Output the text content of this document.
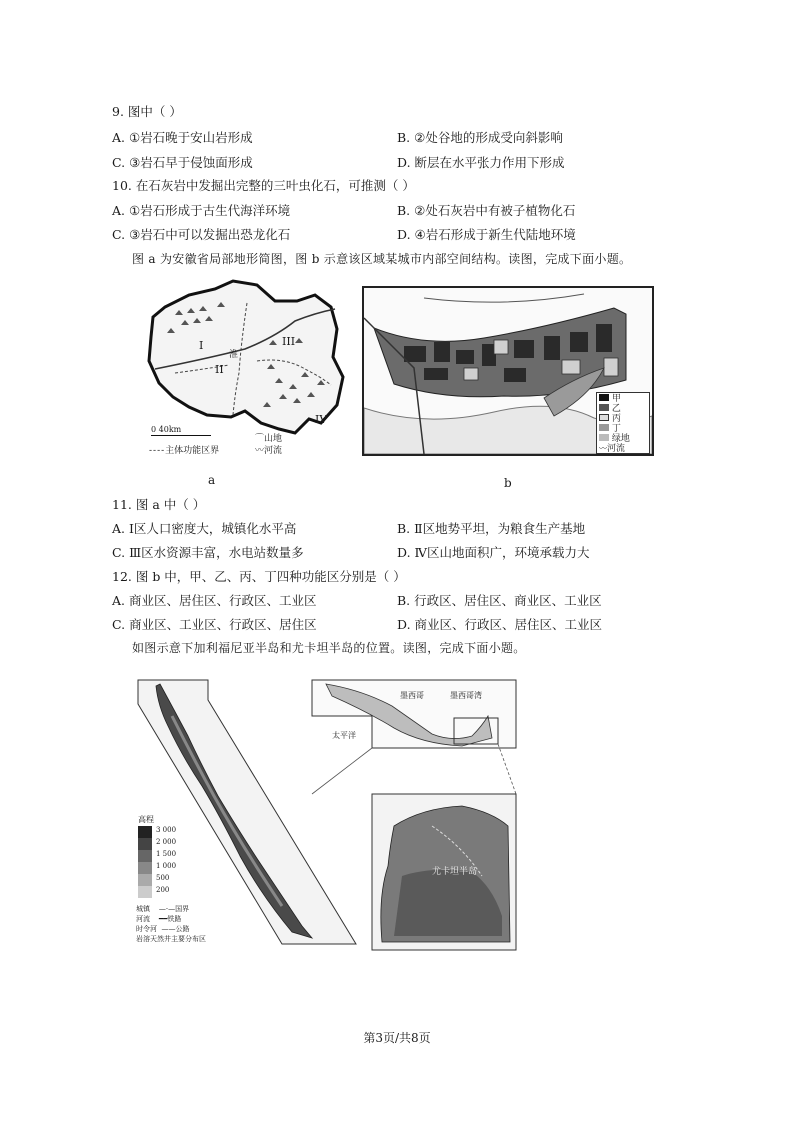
9. 图中（ ）
A. ①岩石晚于安山岩形成	B. ②处谷地的形成受向斜影响
C. ③岩石早于侵蚀面形成	D. 断层在水平张力作用下形成
10. 在石灰岩中发掘出完整的三叶虫化石，可推测（ ）
A. ①岩石形成于古生代海洋环境	B. ②处石灰岩中有被子植物化石
C. ③岩石中可以发掘出恐龙化石	D. ④岩石形成于新生代陆地环境
图 a 为安徽省局部地形简图，图 b 示意该区域某城市内部空间结构。读图，完成下面小题。
I
II
III
IV
淮
0 40km
----主体功能区界
⌒山地
〰河流
a
甲
乙
丙
丁
绿地
〰河流
b
11. 图 a 中（ ）
A. Ⅰ区人口密度大，城镇化水平高	B. Ⅱ区地势平坦，为粮食生产基地
C. Ⅲ区水资源丰富，水电站数量多	D. Ⅳ区山地面积广，环境承载力大
12. 图 b 中，甲、乙、丙、丁四种功能区分别是（ ）
A. 商业区、居住区、行政区、工业区	B. 行政区、居住区、商业区、工业区
C. 商业区、工业区、行政区、居住区	D. 商业区、行政区、居住区、工业区
如图示意下加利福尼亚半岛和尤卡坦半岛的位置。读图，完成下面小题。
高程
3 000
2 000
1 500
1 000
500
200
城镇 —·—国界
河流 ━━铁路
时令河 ——公路
岩溶天然井主要分布区
墨西哥	墨西哥湾
太平洋
尤卡坦半岛
第3页/共8页
